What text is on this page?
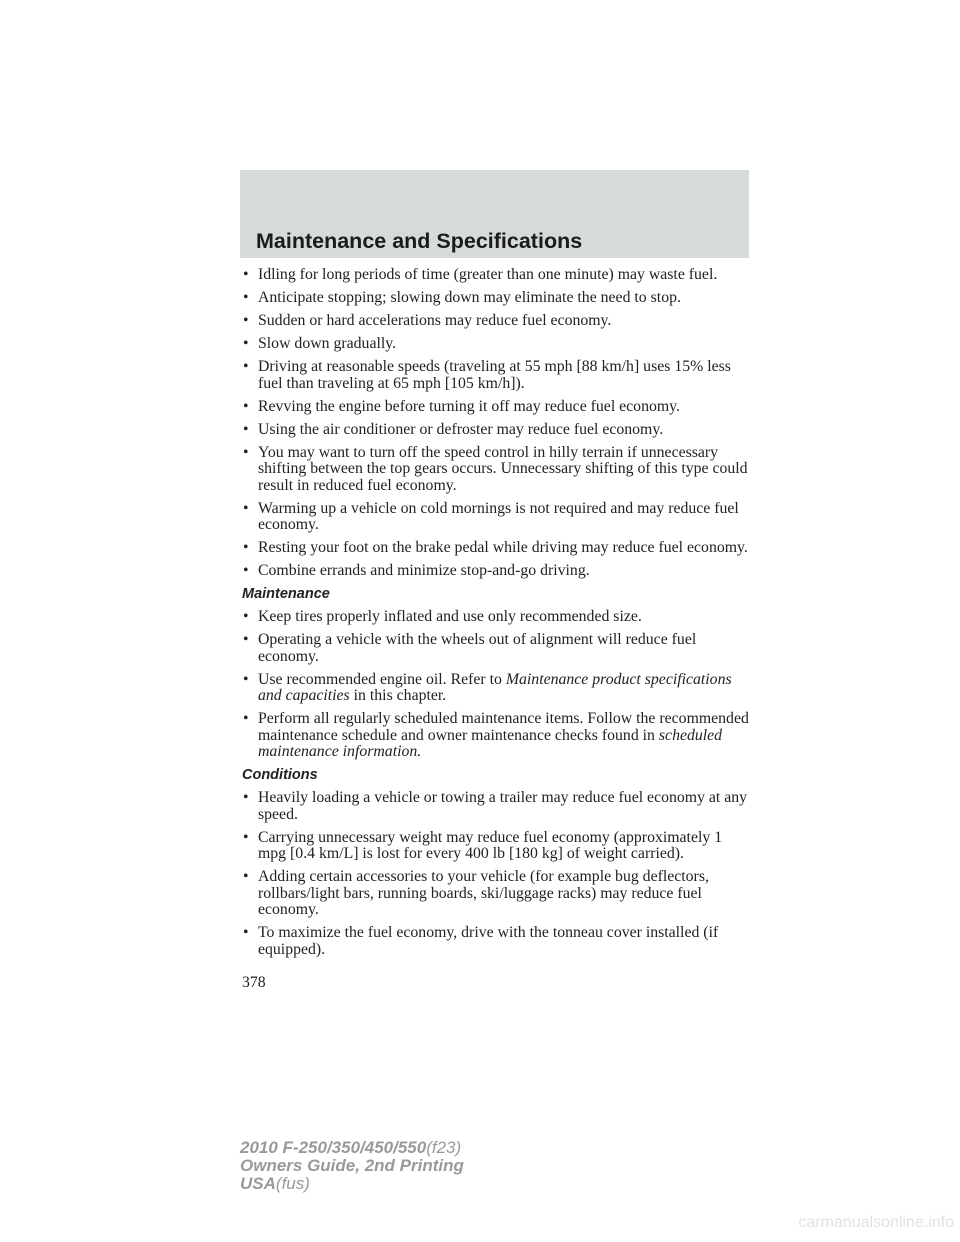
Maintenance and Specifications
• Idling for long periods of time (greater than one minute) may waste fuel.
• Anticipate stopping; slowing down may eliminate the need to stop.
• Sudden or hard accelerations may reduce fuel economy.
• Slow down gradually.
• Driving at reasonable speeds (traveling at 55 mph [88 km/h] uses 15% less fuel than traveling at 65 mph [105 km/h]).
• Revving the engine before turning it off may reduce fuel economy.
• Using the air conditioner or defroster may reduce fuel economy.
• You may want to turn off the speed control in hilly terrain if unnecessary shifting between the top gears occurs. Unnecessary shifting of this type could result in reduced fuel economy.
• Warming up a vehicle on cold mornings is not required and may reduce fuel economy.
• Resting your foot on the brake pedal while driving may reduce fuel economy.
• Combine errands and minimize stop-and-go driving.
Maintenance
• Keep tires properly inflated and use only recommended size.
• Operating a vehicle with the wheels out of alignment will reduce fuel economy.
• Use recommended engine oil. Refer to Maintenance product specifications and capacities in this chapter.
• Perform all regularly scheduled maintenance items. Follow the recommended maintenance schedule and owner maintenance checks found in scheduled maintenance information.
Conditions
• Heavily loading a vehicle or towing a trailer may reduce fuel economy at any speed.
• Carrying unnecessary weight may reduce fuel economy (approximately 1 mpg [0.4 km/L] is lost for every 400 lb [180 kg] of weight carried).
• Adding certain accessories to your vehicle (for example bug deflectors, rollbars/light bars, running boards, ski/luggage racks) may reduce fuel economy.
• To maximize the fuel economy, drive with the tonneau cover installed (if equipped).
378
2010 F-250/350/450/550(f23)
Owners Guide, 2nd Printing
USA(fus)
carmanualsonline.info
